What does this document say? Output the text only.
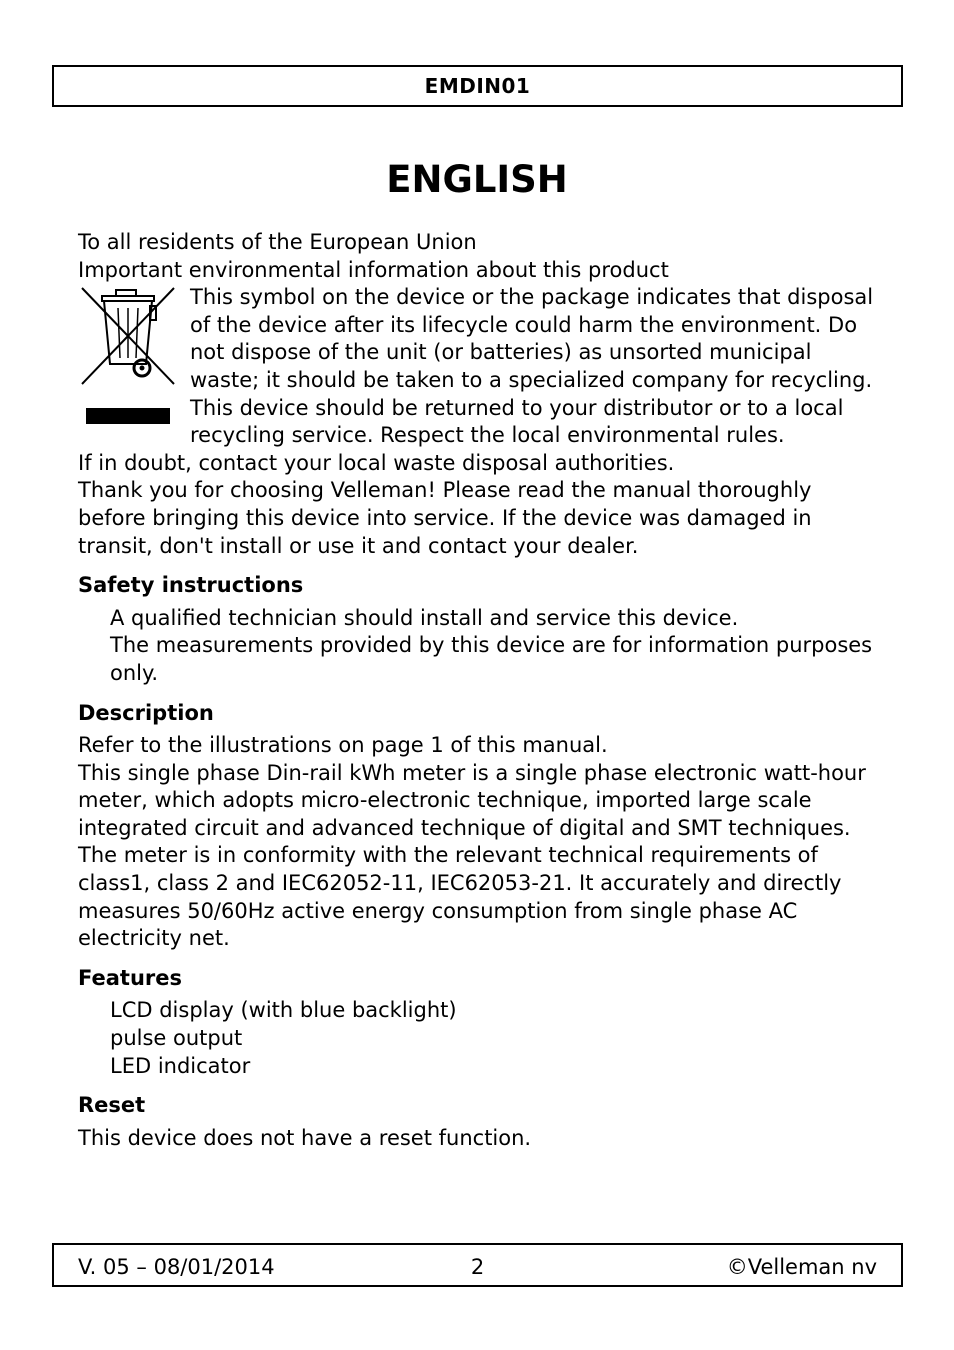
EMDIN01
ENGLISH

To all residents of the European Union

Important environmental information about this product

This symbol on the device or the package indicates that disposal of the device after its lifecycle could harm the environment. Do not dispose of the unit (or batteries) as unsorted municipal waste; it should be taken to a specialized company for recycling. This device should be returned to your distributor or to a local recycling service. Respect the local environmental rules.

If in doubt, contact your local waste disposal authorities.

Thank you for choosing Velleman! Please read the manual thoroughly before bringing this device into service. If the device was damaged in transit, don't install or use it and contact your dealer.

Safety instructions
A qualified technician should install and service this device.
The measurements provided by this device are for information purposes only.
Description

Refer to the illustrations on page 1 of this manual.

This single phase Din-rail kWh meter is a single phase electronic watt-hour meter, which adopts micro-electronic technique, imported large scale integrated circuit and advanced technique of digital and SMT techniques. The meter is in conformity with the relevant technical requirements of class1, class 2 and IEC62052-11, IEC62053-21. It accurately and directly measures 50/60Hz active energy consumption from single phase AC electricity net.

Features
LCD display (with blue backlight)
pulse output
LED indicator
Reset

This device does not have a reset function.

V. 05 – 08/01/2014	2	©Velleman nv
